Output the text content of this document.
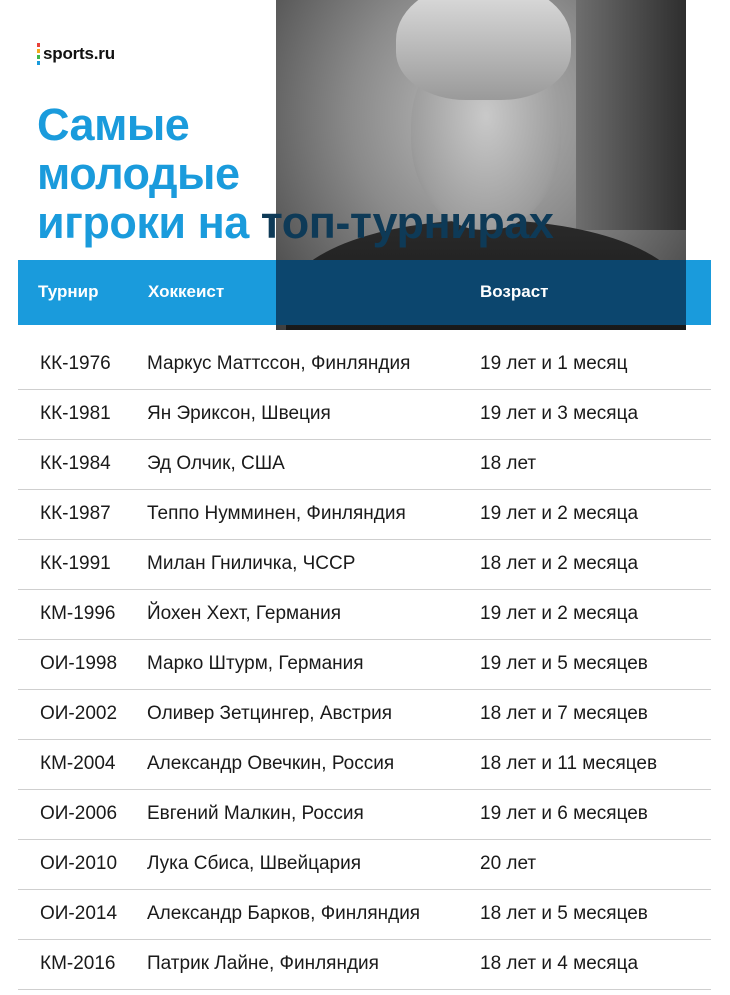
sports.ru
Самые
молодые
игроки на топ-турнирах
Турнир	Хоккеист	Возраст
КК-1976 Маркус Маттссон, Финляндия	19 лет и 1 месяц
КК-1981 Ян Эриксон, Швеция	19 лет и 3 месяца
КК-1984 Эд Олчик, США	18 лет
КК-1987 Теппо Нумминен, Финляндия	19 лет и 2 месяца
КК-1991 Милан Гниличка, ЧССР	18 лет и 2 месяца
КМ-1996 Йохен Хехт, Германия	19 лет и 2 месяца
ОИ-1998 Марко Штурм, Германия	19 лет и 5 месяцев
ОИ-2002 Оливер Зетцингер, Австрия	18 лет и 7 месяцев
КМ-2004 Александр Овечкин, Россия	18 лет и 11 месяцев
ОИ-2006 Евгений Малкин, Россия	19 лет и 6 месяцев
ОИ-2010 Лука Сбиса, Швейцария	20 лет
ОИ-2014 Александр Барков, Финляндия	18 лет и 5 месяцев
КМ-2016 Патрик Лайне, Финляндия	18 лет и 4 месяца
